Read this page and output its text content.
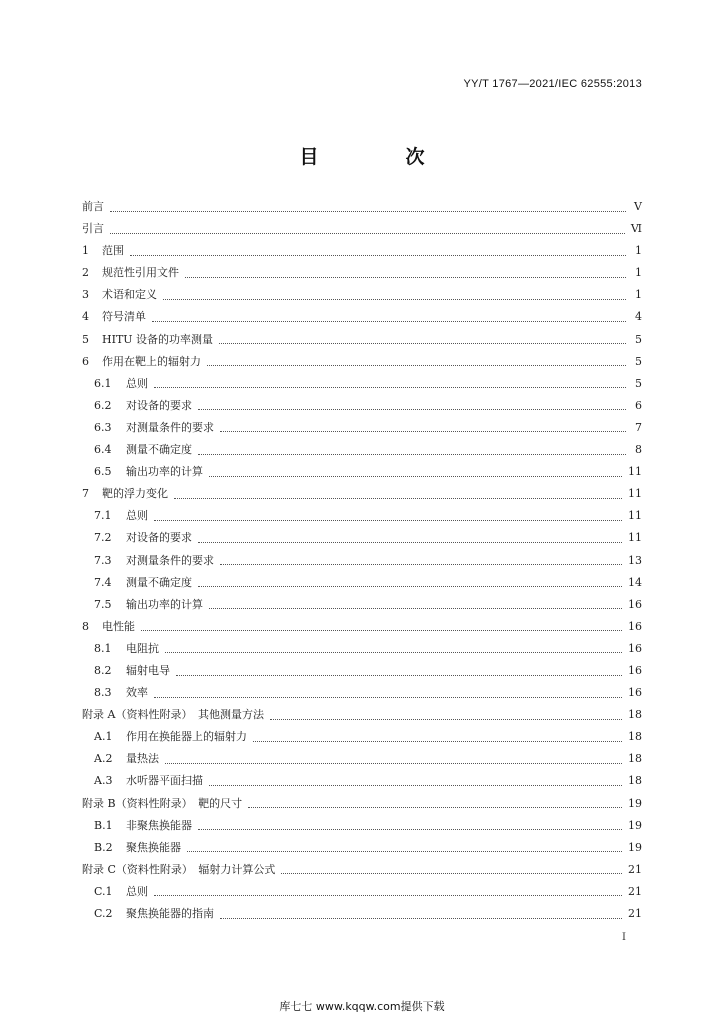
YY/T 1767—2021/IEC 62555:2013
目　次
前言	V
引言	Ⅵ
1	范围	1
2	规范性引用文件	1
3	术语和定义	1
4	符号清单	4
5	HITU 设备的功率测量	5
6	作用在靶上的辐射力	5
6.1	总则	5
6.2	对设备的要求	6
6.3	对测量条件的要求	7
6.4	测量不确定度	8
6.5	输出功率的计算	11
7	靶的浮力变化	11
7.1	总则	11
7.2	对设备的要求	11
7.3	对测量条件的要求	13
7.4	测量不确定度	14
7.5	输出功率的计算	16
8	电性能	16
8.1	电阻抗	16
8.2	辐射电导	16
8.3	效率	16
附录 A（资料性附录）　其他测量方法	18
A.1	作用在换能器上的辐射力	18
A.2	量热法	18
A.3	水听器平面扫描	18
附录 B（资料性附录）　靶的尺寸	19
B.1	非聚焦换能器	19
B.2	聚焦换能器	19
附录 C（资料性附录）　辐射力计算公式	21
C.1	总则	21
C.2	聚焦换能器的指南	21
I
库七七 www.kqqw.com提供下载
